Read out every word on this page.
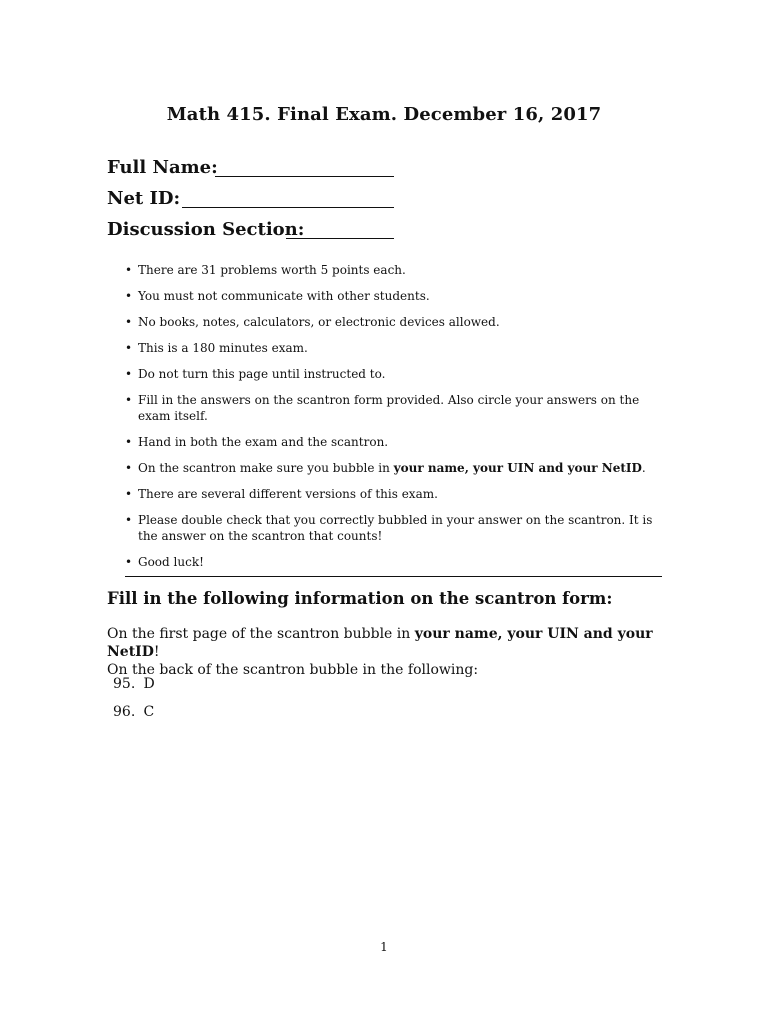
Math 415. Final Exam. December 16, 2017
Full Name:
Net ID:
Discussion Section:
• There are 31 problems worth 5 points each.
• You must not communicate with other students.
• No books, notes, calculators, or electronic devices allowed.
• This is a 180 minutes exam.
• Do not turn this page until instructed to.
• Fill in the answers on the scantron form provided. Also circle your answers on the exam itself.
• Hand in both the exam and the scantron.
• On the scantron make sure you bubble in your name, your UIN and your NetID.
• There are several different versions of this exam.
• Please double check that you correctly bubbled in your answer on the scantron. It is the answer on the scantron that counts!
• Good luck!
Fill in the following information on the scantron form:
On the first page of the scantron bubble in your name, your UIN and your NetID!
On the back of the scantron bubble in the following:
95. D
96. C
1
